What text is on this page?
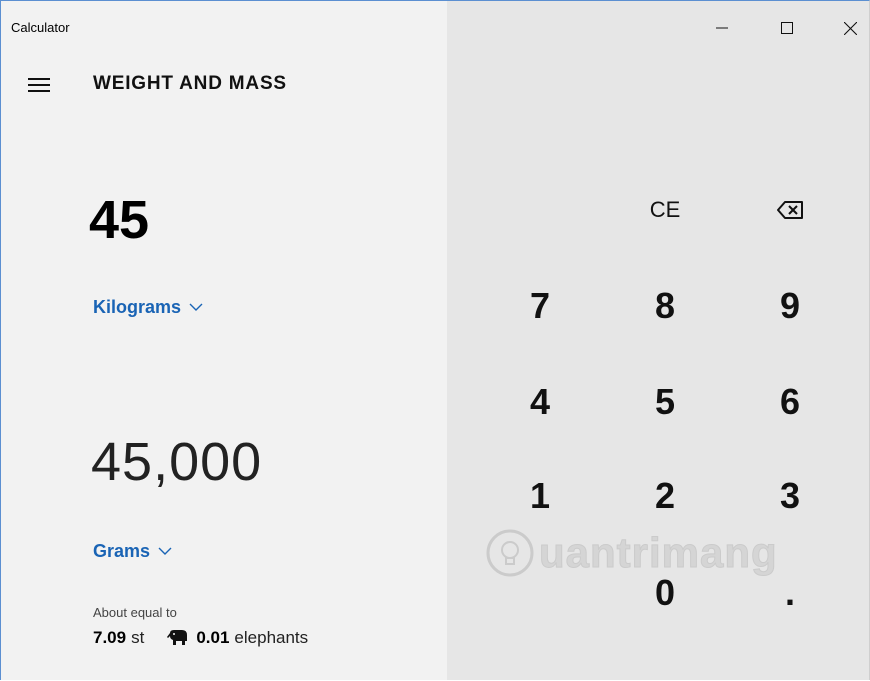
Calculator
WEIGHT AND MASS
45
Kilograms
45,000
Grams
About equal to
7.09 st	0.01 elephants
CE
7	8	9
4	5	6
1	2	3
0	.
uantrimang
